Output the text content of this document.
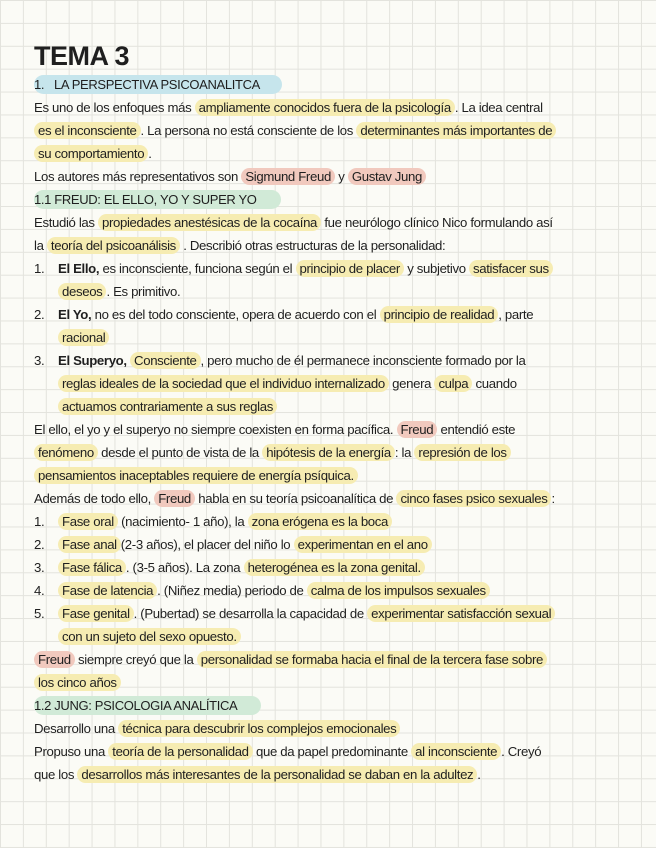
TEMA 3
1. LA PERSPECTIVA PSICOANALITCA
Es uno de los enfoques más ampliamente conocidos fuera de la psicología . La idea central
es el inconsciente . La persona no está consciente de los determinantes más importantes de
su comportamiento .
Los autores más representativos son Sigmund Freud y Gustav Jung
1.1 FREUD: EL ELLO, YO Y SUPER YO
Estudió las propiedades anestésicas de la cocaína fue neurólogo clínico Nico formulando así
la teoría del psicoanálisis . Describió otras estructuras de la personalidad:
1. El Ello, es inconsciente, funciona según el principio de placer y subjetivo satisfacer sus
deseos . Es primitivo.
2. El Yo, no es del todo consciente, opera de acuerdo con el principio de realidad , parte
racional
3. El Superyo, Consciente , pero mucho de él permanece inconsciente formado por la
reglas ideales de la sociedad que el individuo internalizado genera culpa cuando
actuamos contrariamente a sus reglas
El ello, el yo y el superyo no siempre coexisten en forma pacífica. Freud entendió este
fenómeno desde el punto de vista de la hipótesis de la energía : la represión de los
pensamientos inaceptables requiere de energía psíquica.
Además de todo ello, Freud habla en su teoría psicoanalítica de cinco fases psico sexuales :
1. Fase oral (nacimiento- 1 año), la zona erógena es la boca
2. Fase anal (2-3 años), el placer del niño lo experimentan en el ano
3. Fase fálica . (3-5 años). La zona heterogénea es la zona genital.
4. Fase de latencia . (Niñez media) periodo de calma de los impulsos sexuales
5. Fase genital . (Pubertad) se desarrolla la capacidad de experimentar satisfacción sexual
con un sujeto del sexo opuesto.
Freud siempre creyó que la personalidad se formaba hacia el final de la tercera fase sobre
los cinco años
1.2 JUNG: PSICOLOGIA ANALÍTICA
Desarrollo una técnica para descubrir los complejos emocionales
Propuso una teoría de la personalidad que da papel predominante al inconsciente . Creyó
que los desarrollos más interesantes de la personalidad se daban en la adultez .
